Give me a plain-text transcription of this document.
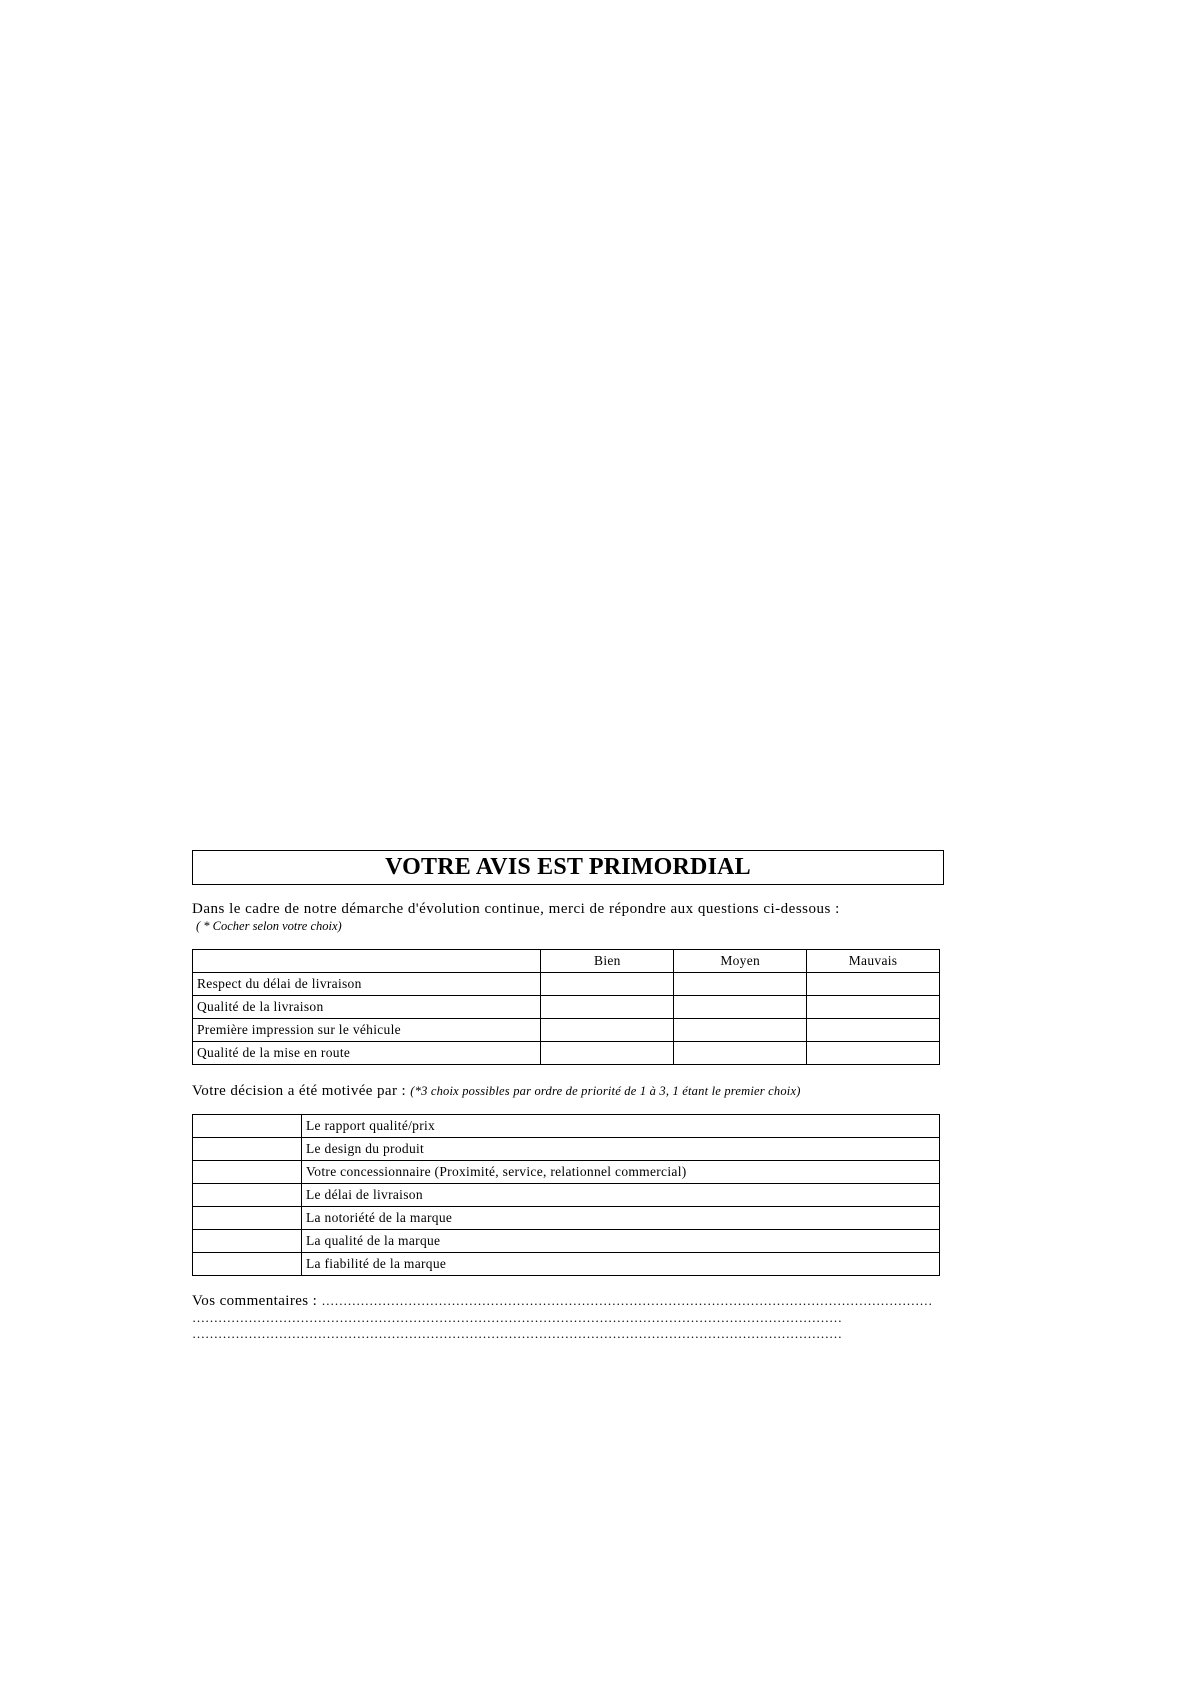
VOTRE AVIS EST PRIMORDIAL
Dans le cadre de notre démarche d'évolution continue, merci de répondre aux questions ci-dessous :
( * Cocher selon votre choix)
	Bien	Moyen	Mauvais
Respect du délai de livraison			
Qualité de la livraison			
Première impression sur le véhicule			
Qualité de la mise en route			
Votre décision a été motivée par : (*3 choix possibles par ordre de priorité de 1 à 3, 1 étant le premier choix)
	Le rapport qualité/prix
	Le design du produit
	Votre concessionnaire (Proximité, service, relationnel commercial)
	Le délai de livraison
	La notoriété de la marque
	La qualité de la marque
	La fiabilité de la marque
Vos commentaires : ……………………………………………………………………………………………………………………………
……………………………………………………………………………………………………………………………………
……………………………………………………………………………………………………………………………………
